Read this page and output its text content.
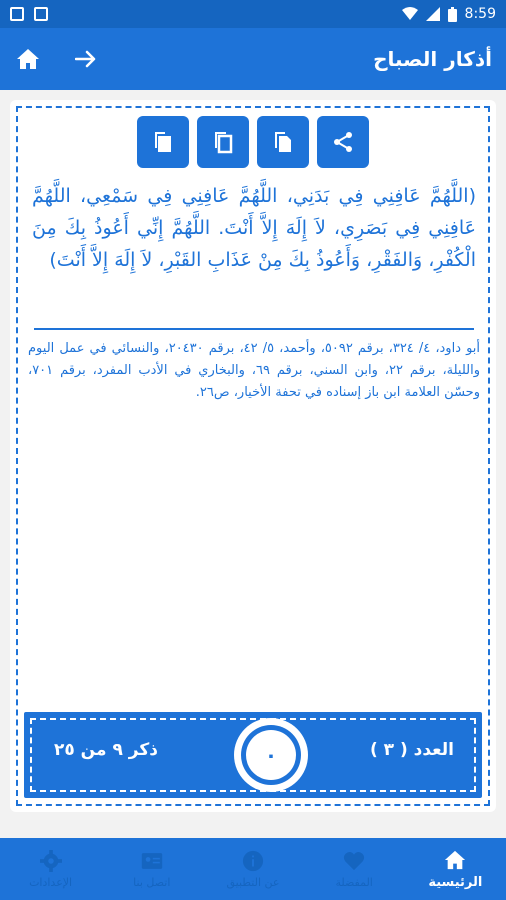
8:59
أذكار الصباح
(اللَّهُمَّ عَافِنِي فِي بَدَنِي، اللَّهُمَّ عَافِنِي فِي سَمْعِي، اللَّهُمَّ عَافِنِي فِي بَصَرِي، لاَ إِلَهَ إِلاَّ أَنْتَ. اللَّهُمَّ إِنِّي أَعُوذُ بِكَ مِنَ الْكُفْرِ، وَالفَقْرِ، وَأَعُوذُ بِكَ مِنْ عَذَابِ القَبْرِ، لاَ إِلَهَ إِلاَّ أَنْتَ)
أبو داود، ٤/ ٣٢٤، برقم ٥٠٩٢، وأحمد، ٥/ ٤٢، برقم ٢٠٤٣٠، والنسائي في عمل اليوم والليلة، برقم ٢٢، وابن السني، برقم ٦٩، والبخاري في الأدب المفرد، برقم ٧٠١، وحسّن العلامة ابن باز إسناده في تحفة الأخيار، ص٢٦.
العدد ( ٣ )
ذكر ٩ من ٢٥	٠
الرئيسية
المفضلة
عن التطبيق
اتصل بنا
الإعدادات
